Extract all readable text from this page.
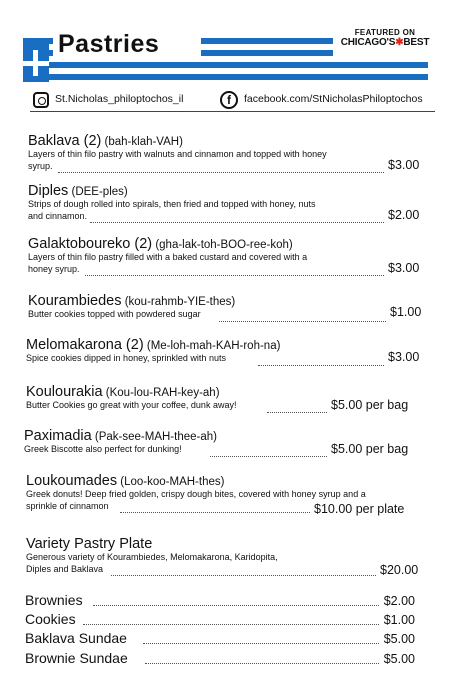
Pastries	FEATURED ON
CHICAGO'S✱BEST
St.Nicholas_philoptochos_il	f	facebook.com/StNicholasPhiloptochos
Baklava (2) (bah-klah-VAH)
Layers of thin filo pastry with walnuts and cinnamon and topped with honey
syrup.	$3.00
Diples (DEE-ples)
Strips of dough rolled into spirals, then fried and topped with honey, nuts
and cinnamon.	$2.00
Galaktoboureko (2) (gha-lak-toh-BOO-ree-koh)
Layers of thin filo pastry filled with a baked custard and covered with a
honey syrup.	$3.00
Kourambiedes (kou-rahmb-YIE-thes)
Butter cookies topped with powdered sugar	$1.00
Melomakarona (2) (Me-loh-mah-KAH-roh-na)
Spice cookies dipped in honey, sprinkled with nuts	$3.00
Koulourakia (Kou-lou-RAH-key-ah)
Butter Cookies go great with your coffee, dunk away!	$5.00 per bag
Paximadia (Pak-see-MAH-thee-ah)
Greek Biscotte also perfect for dunking!	$5.00 per bag
Loukoumades (Loo-koo-MAH-thes)
Greek donuts! Deep fried golden, crispy dough bites, covered with honey syrup and a
sprinkle of cinnamon	$10.00 per plate
Variety Pastry Plate
Generous variety of Kourambiedes, Melomakarona, Karidopita,
Diples and Baklava	$20.00
Brownies	$2.00
Cookies	$1.00
Baklava Sundae	$5.00
Brownie Sundae	$5.00
